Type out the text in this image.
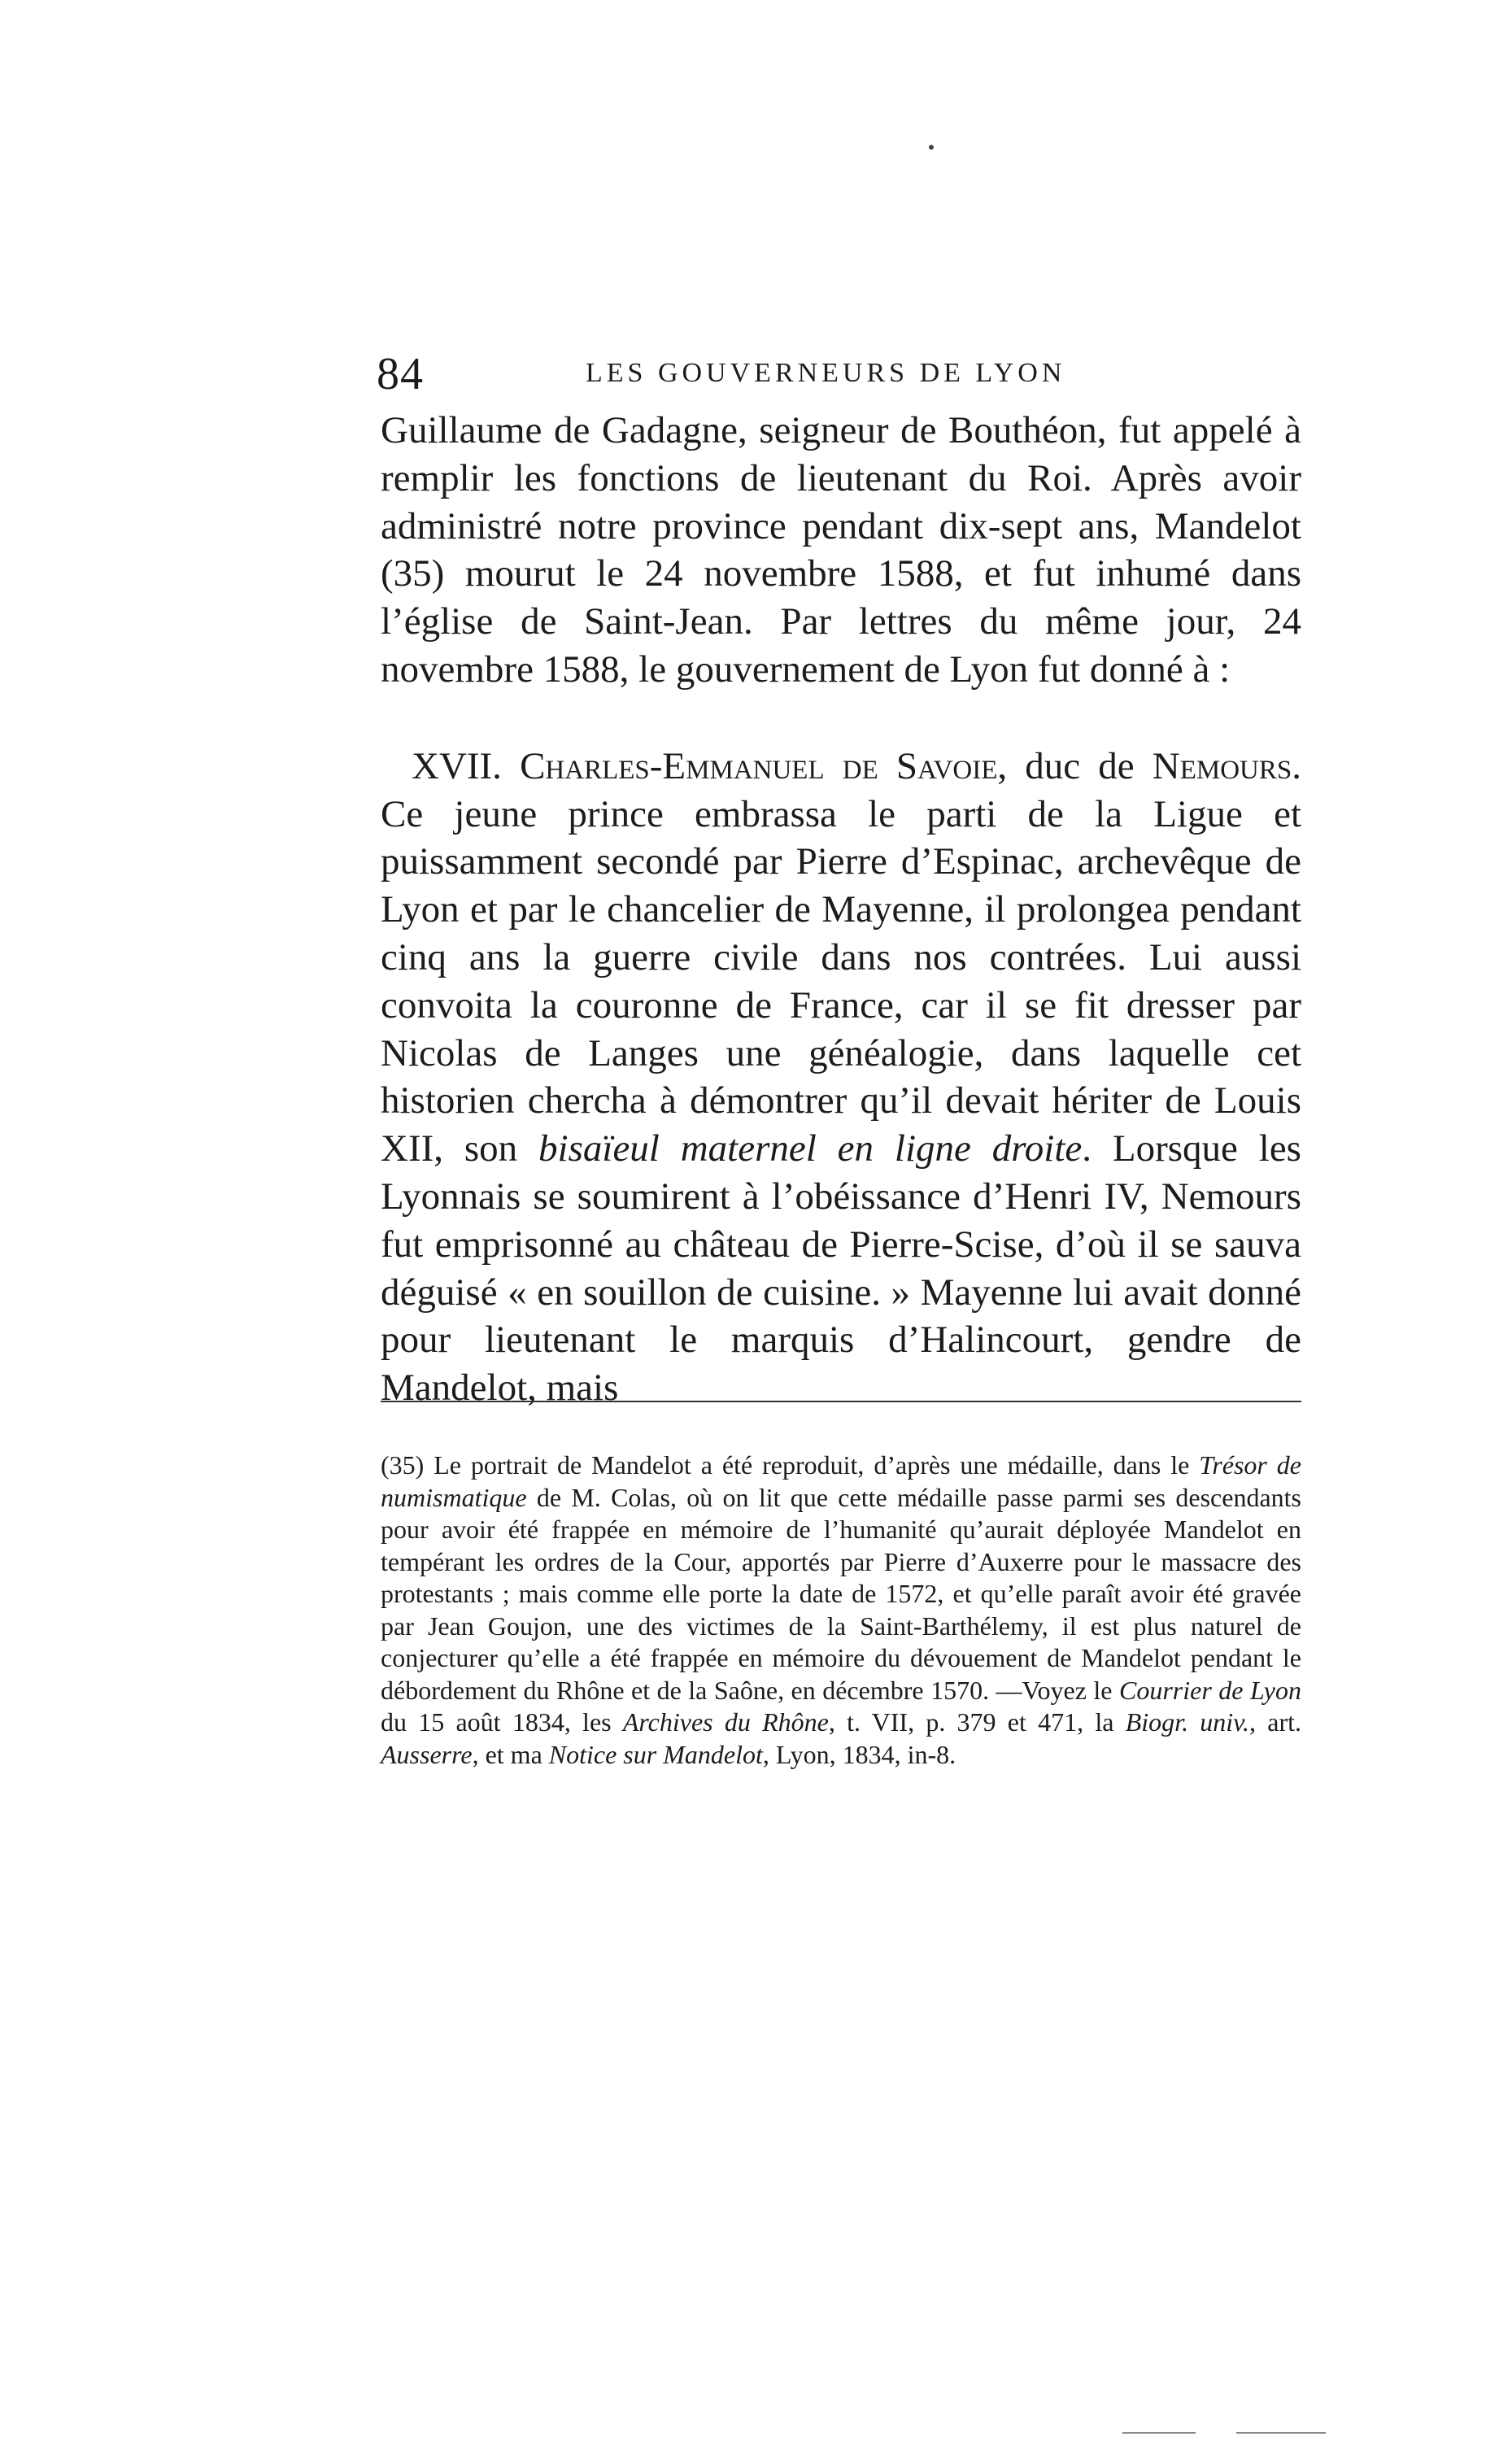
84	LES GOUVERNEURS DE LYON

Guillaume de Gadagne, seigneur de Bouthéon, fut appelé à remplir les fonctions de lieutenant du Roi. Après avoir administré notre province pendant dix-sept ans, Mandelot (35) mourut le 24 novembre 1588, et fut inhumé dans l’église de Saint-Jean. Par lettres du même jour, 24 novembre 1588, le gouvernement de Lyon fut donné à :

XVII. Charles-Emmanuel de Savoie, duc de Nemours. Ce jeune prince embrassa le parti de la Ligue et puissamment secondé par Pierre d’Espinac, archevêque de Lyon et par le chancelier de Mayenne, il prolongea pendant cinq ans la guerre civile dans nos contrées. Lui aussi convoita la couronne de France, car il se fit dresser par Nicolas de Langes une généalogie, dans laquelle cet historien chercha à démontrer qu’il devait hériter de Louis XII, son bisaïeul maternel en ligne droite. Lorsque les Lyonnais se soumirent à l’obéissance d’Henri IV, Nemours fut emprisonné au château de Pierre-Scise, d’où il se sauva déguisé « en souillon de cuisine. » Mayenne lui avait donné pour lieutenant le marquis d’Halincourt, gendre de Mandelot, mais

(35) Le portrait de Mandelot a été reproduit, d’après une médaille, dans le Trésor de numismatique de M. Colas, où on lit que cette médaille passe parmi ses descendants pour avoir été frappée en mémoire de l’humanité qu’aurait déployée Mandelot en tempérant les ordres de la Cour, apportés par Pierre d’Auxerre pour le massacre des protestants ; mais comme elle porte la date de 1572, et qu’elle paraît avoir été gravée par Jean Goujon, une des victimes de la Saint-Barthélemy, il est plus naturel de conjecturer qu’elle a été frappée en mémoire du dévouement de Mandelot pendant le débordement du Rhône et de la Saône, en décembre 1570. —Voyez le Courrier de Lyon du 15 août 1834, les Archives du Rhône, t. VII, p. 379 et 471, la Biogr. univ., art. Ausserre, et ma Notice sur Mandelot, Lyon, 1834, in-8.
